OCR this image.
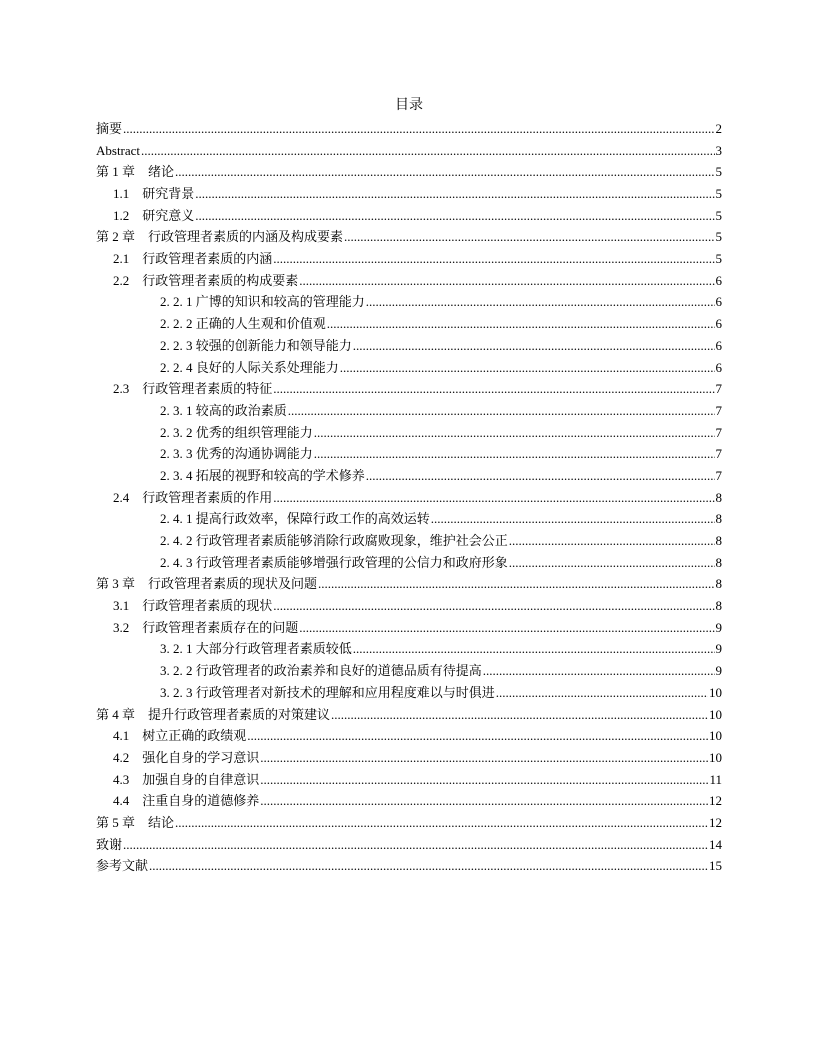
目录
摘要 .....	2
Abstract .....	3
第 1 章　绪论 .....	5
1.1　研究背景 .....	5
1.2　研究意义 .....	5
第 2 章　行政管理者素质的内涵及构成要素 .....	5
2.1　行政管理者素质的内涵 .....	5
2.2　行政管理者素质的构成要素 .....	6
2. 2. 1 广博的知识和较高的管理能力 .....	6
2. 2. 2 正确的人生观和价值观 .....	6
2. 2. 3 较强的创新能力和领导能力 .....	6
2. 2. 4 良好的人际关系处理能力 .....	6
2.3　行政管理者素质的特征 .....	7
2. 3. 1 较高的政治素质 .....	7
2. 3. 2 优秀的组织管理能力 .....	7
2. 3. 3 优秀的沟通协调能力 .....	7
2. 3. 4 拓展的视野和较高的学术修养 .....	7
2.4　行政管理者素质的作用 .....	8
2. 4. 1 提高行政效率，保障行政工作的高效运转 .....	8
2. 4. 2 行政管理者素质能够消除行政腐败现象，维护社会公正 .....	8
2. 4. 3 行政管理者素质能够增强行政管理的公信力和政府形象 .....	8
第 3 章　行政管理者素质的现状及问题 .....	8
3.1　行政管理者素质的现状 .....	8
3.2　行政管理者素质存在的问题 .....	9
3. 2. 1 大部分行政管理者素质较低 .....	9
3. 2. 2 行政管理者的政治素养和良好的道德品质有待提高 .....	9
3. 2. 3 行政管理者对新技术的理解和应用程度难以与时俱进 .....	10
第 4 章　提升行政管理者素质的对策建议 .....	10
4.1　树立正确的政绩观 .....	10
4.2　强化自身的学习意识 .....	10
4.3　加强自身的自律意识 .....	11
4.4　注重自身的道德修养 .....	12
第 5 章　结论 .....	12
致谢 .....	14
参考文献 .....	15
